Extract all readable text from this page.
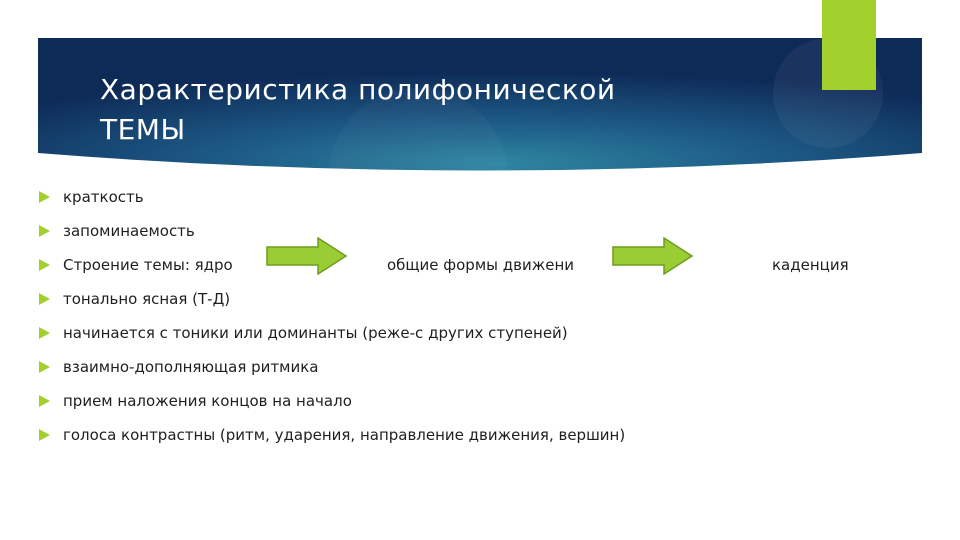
Характеристика полифонической
ТЕМЫ
краткость
запоминаемость
Строение темы: ядро	общие формы движени	каденция
тонально ясная (Т-Д)
начинается с тоники или доминанты (реже-с других ступеней)
взаимно-дополняющая ритмика
прием наложения концов на начало
голоса контрастны (ритм, ударения, направление движения, вершин)
